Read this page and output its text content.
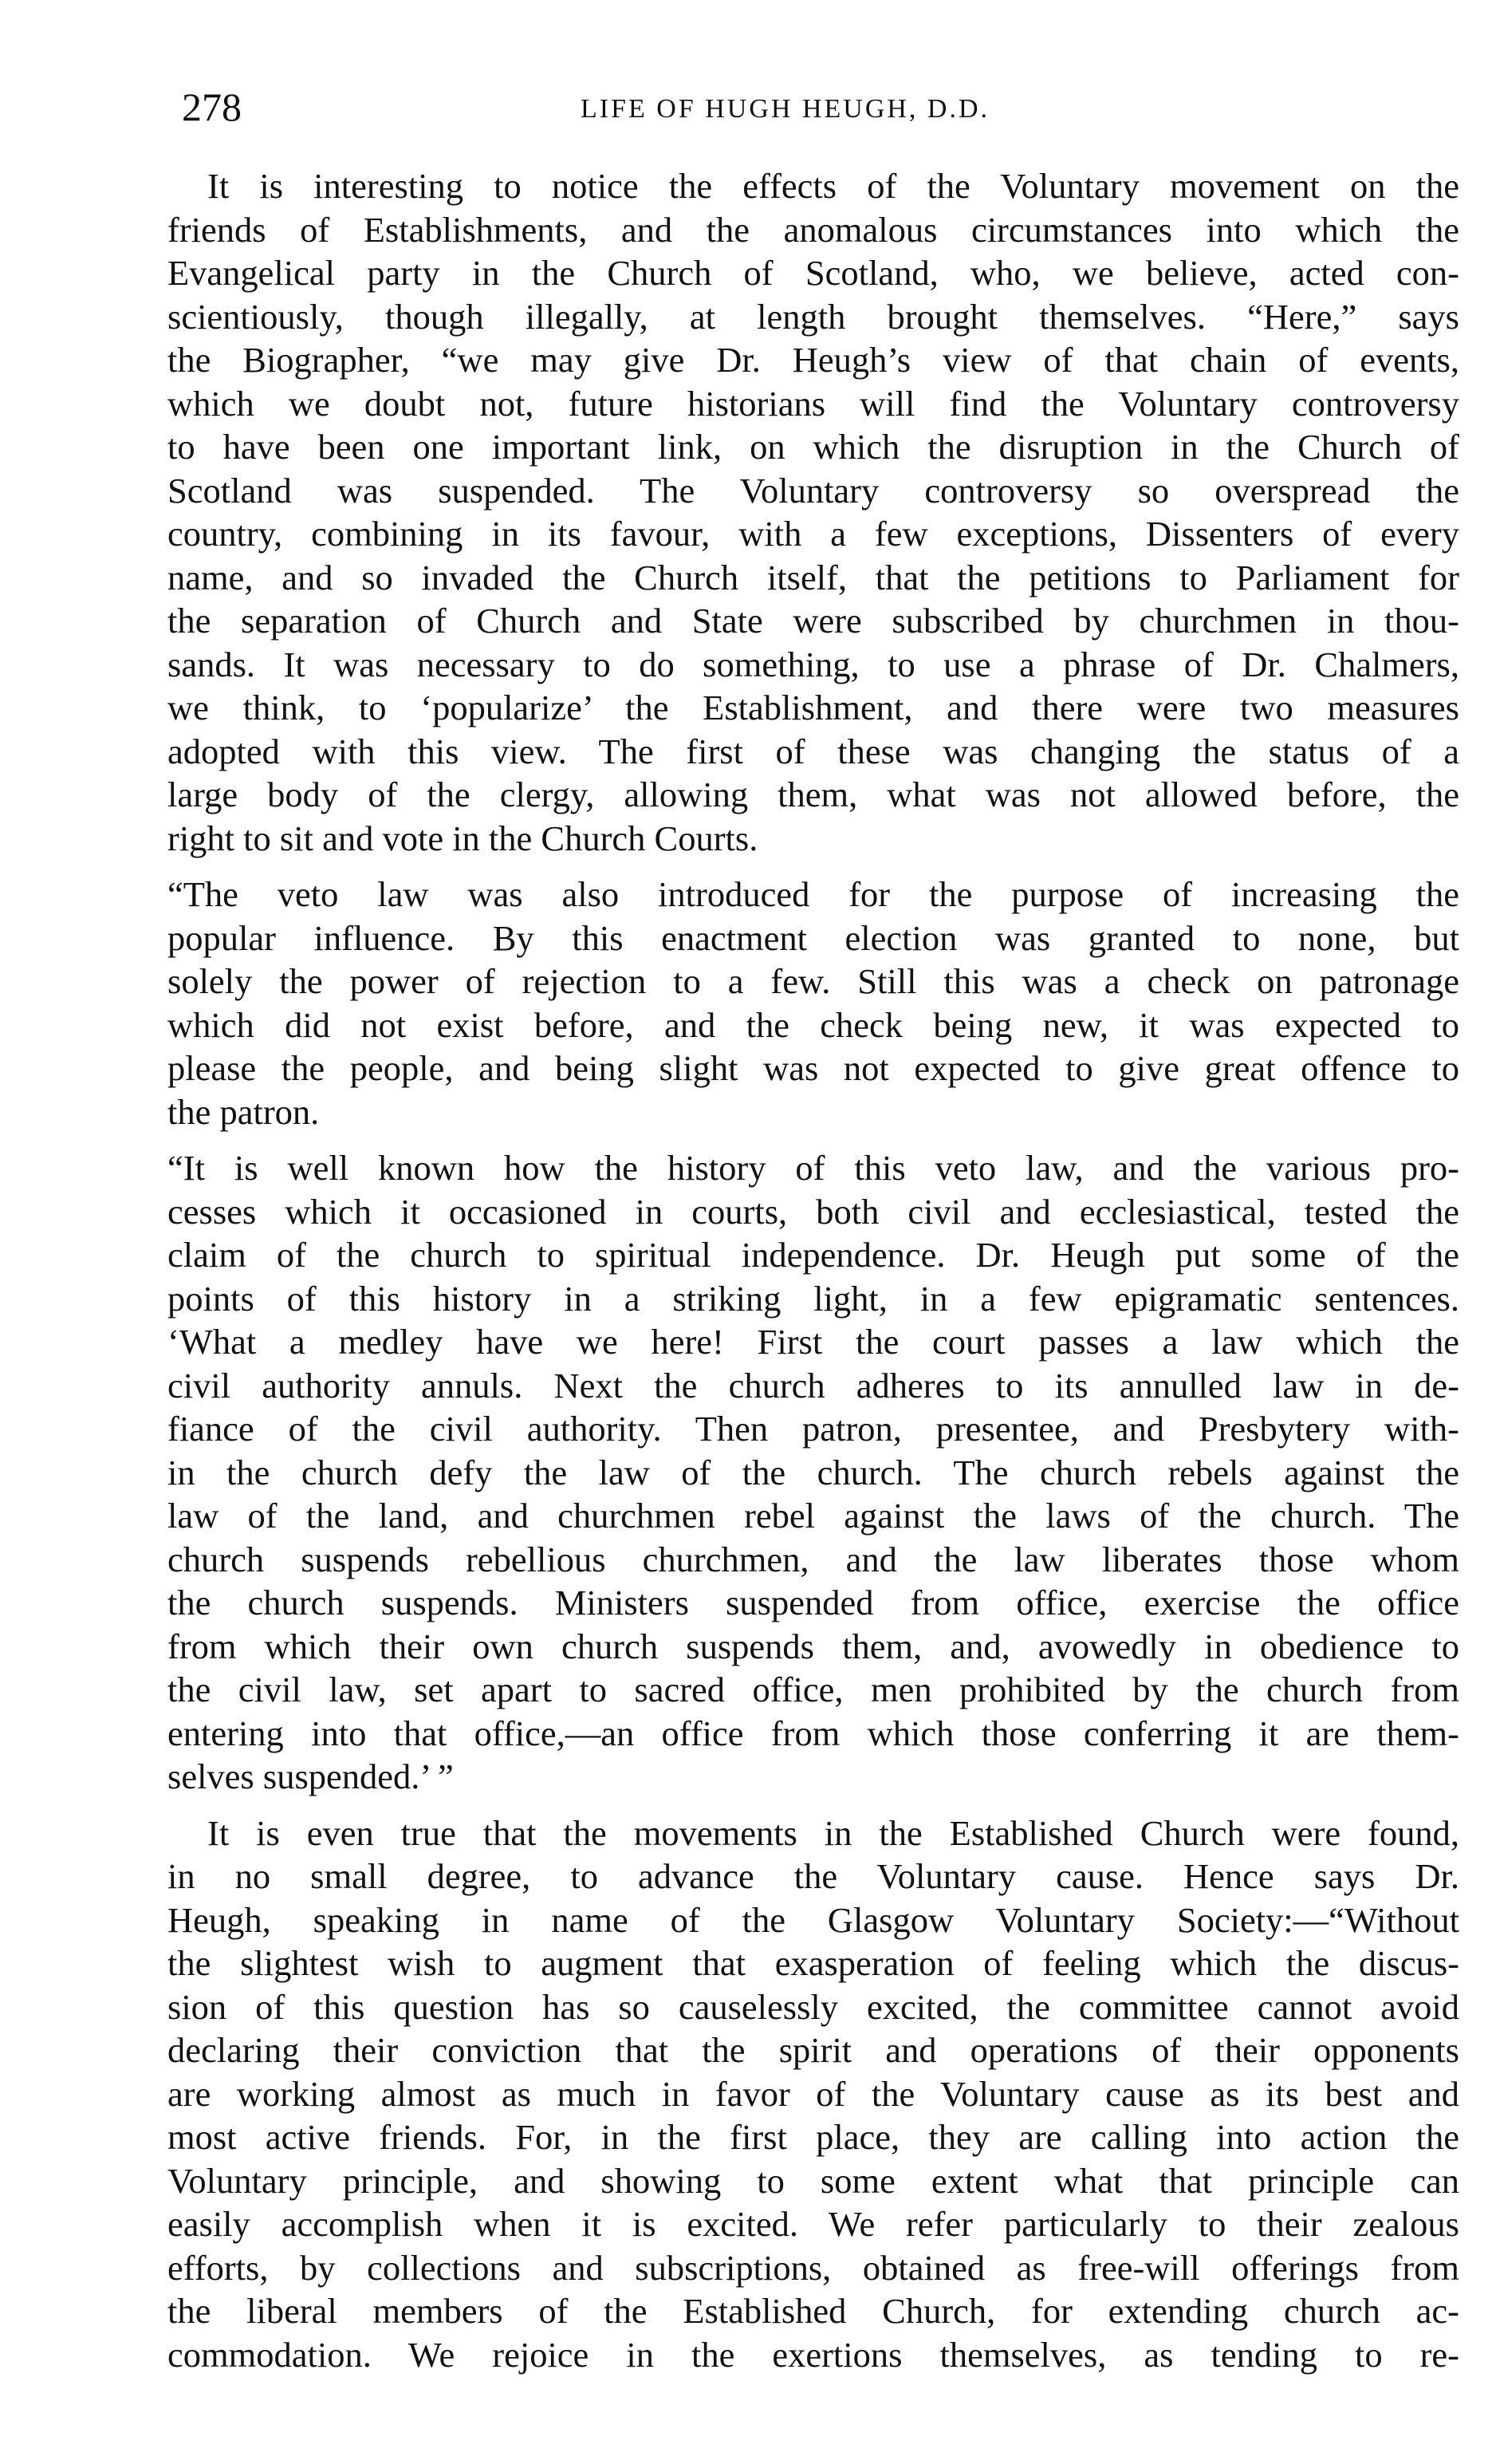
278	LIFE OF HUGH HEUGH, D.D.

It is interesting to notice the effects of the Voluntary movement on the
friends of Establishments, and the anomalous circumstances into which the
Evangelical party in the Church of Scotland, who, we believe, acted con-
scientiously, though illegally, at length brought themselves. “Here,” says
the Biographer, “we may give Dr. Heugh’s view of that chain of events,
which we doubt not, future historians will find the Voluntary controversy
to have been one important link, on which the disruption in the Church of
Scotland was suspended. The Voluntary controversy so overspread the
country, combining in its favour, with a few exceptions, Dissenters of every
name, and so invaded the Church itself, that the petitions to Parliament for
the separation of Church and State were subscribed by churchmen in thou-
sands. It was necessary to do something, to use a phrase of Dr. Chalmers,
we think, to ‘popularize’ the Establishment, and there were two measures
adopted with this view. The first of these was changing the status of a
large body of the clergy, allowing them, what was not allowed before, the
right to sit and vote in the Church Courts.

“The veto law was also introduced for the purpose of increasing the
popular influence. By this enactment election was granted to none, but
solely the power of rejection to a few. Still this was a check on patronage
which did not exist before, and the check being new, it was expected to
please the people, and being slight was not expected to give great offence to
the patron.

“It is well known how the history of this veto law, and the various pro-
cesses which it occasioned in courts, both civil and ecclesiastical, tested the
claim of the church to spiritual independence. Dr. Heugh put some of the
points of this history in a striking light, in a few epigramatic sentences.
‘What a medley have we here! First the court passes a law which the
civil authority annuls. Next the church adheres to its annulled law in de-
fiance of the civil authority. Then patron, presentee, and Presbytery with-
in the church defy the law of the church. The church rebels against the
law of the land, and churchmen rebel against the laws of the church. The
church suspends rebellious churchmen, and the law liberates those whom
the church suspends. Ministers suspended from office, exercise the office
from which their own church suspends them, and, avowedly in obedience to
the civil law, set apart to sacred office, men prohibited by the church from
entering into that office,—an office from which those conferring it are them-
selves suspended.’ ”

It is even true that the movements in the Established Church were found,
in no small degree, to advance the Voluntary cause. Hence says Dr.
Heugh, speaking in name of the Glasgow Voluntary Society:—“Without
the slightest wish to augment that exasperation of feeling which the discus-
sion of this question has so causelessly excited, the committee cannot avoid
declaring their conviction that the spirit and operations of their opponents
are working almost as much in favor of the Voluntary cause as its best and
most active friends. For, in the first place, they are calling into action the
Voluntary principle, and showing to some extent what that principle can
easily accomplish when it is excited. We refer particularly to their zealous
efforts, by collections and subscriptions, obtained as free-will offerings from
the liberal members of the Established Church, for extending church ac-
commodation. We rejoice in the exertions themselves, as tending to re-
